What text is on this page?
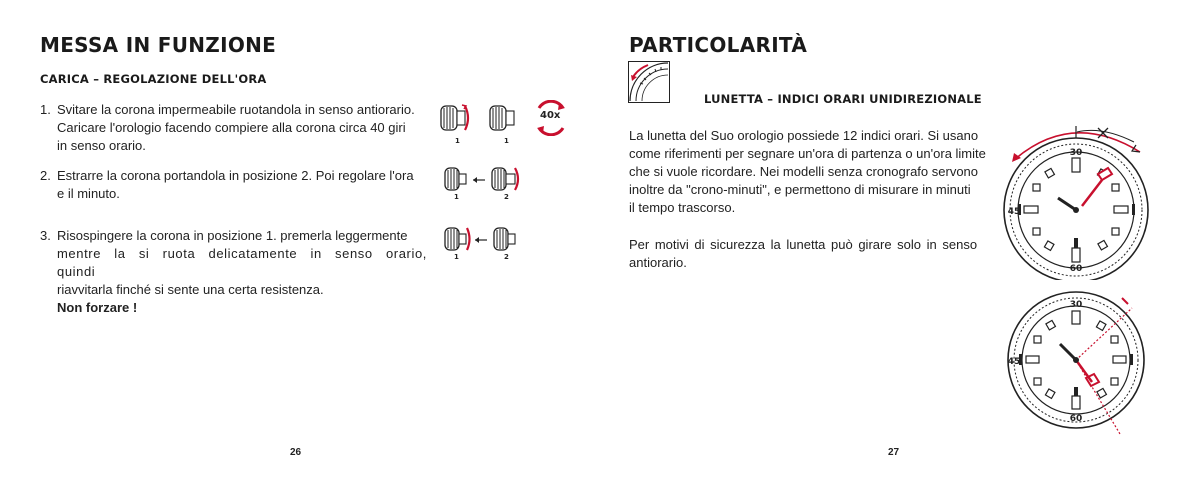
MESSA IN FUNZIONE
CARICA – REGOLAZIONE DELL'ORA
1. Svitare la corona impermeabile ruotandola in senso antiorario.
Caricare l'orologio facendo compiere alla corona circa 40 giri
in senso orario.
2. Estrarre la corona portandola in posizione 2. Poi regolare l'ora
e il minuto.
3. Risospingere la corona in posizione 1. premerla leggermente
mentre la si ruota delicatamente in senso orario, quindi
riavvitarla finché si sente una certa resistenza.
Non forzare !
1	1
40x
1	2
1	2
26
PARTICOLARITÀ
LUNETTA – INDICI ORARI UNIDIREZIONALE
La lunetta del Suo orologio possiede 12 indici orari. Si usano
come riferimenti per segnare un'ora di partenza o un'ora limite
che si vuole ricordare. Nei modelli senza cronografo servono
inoltre da "crono-minuti", e permettono di misurare in minuti
il tempo trascorso.
Per motivi di sicurezza la lunetta può girare solo in senso
antiorario.
30
45
60
30
45
60
27
